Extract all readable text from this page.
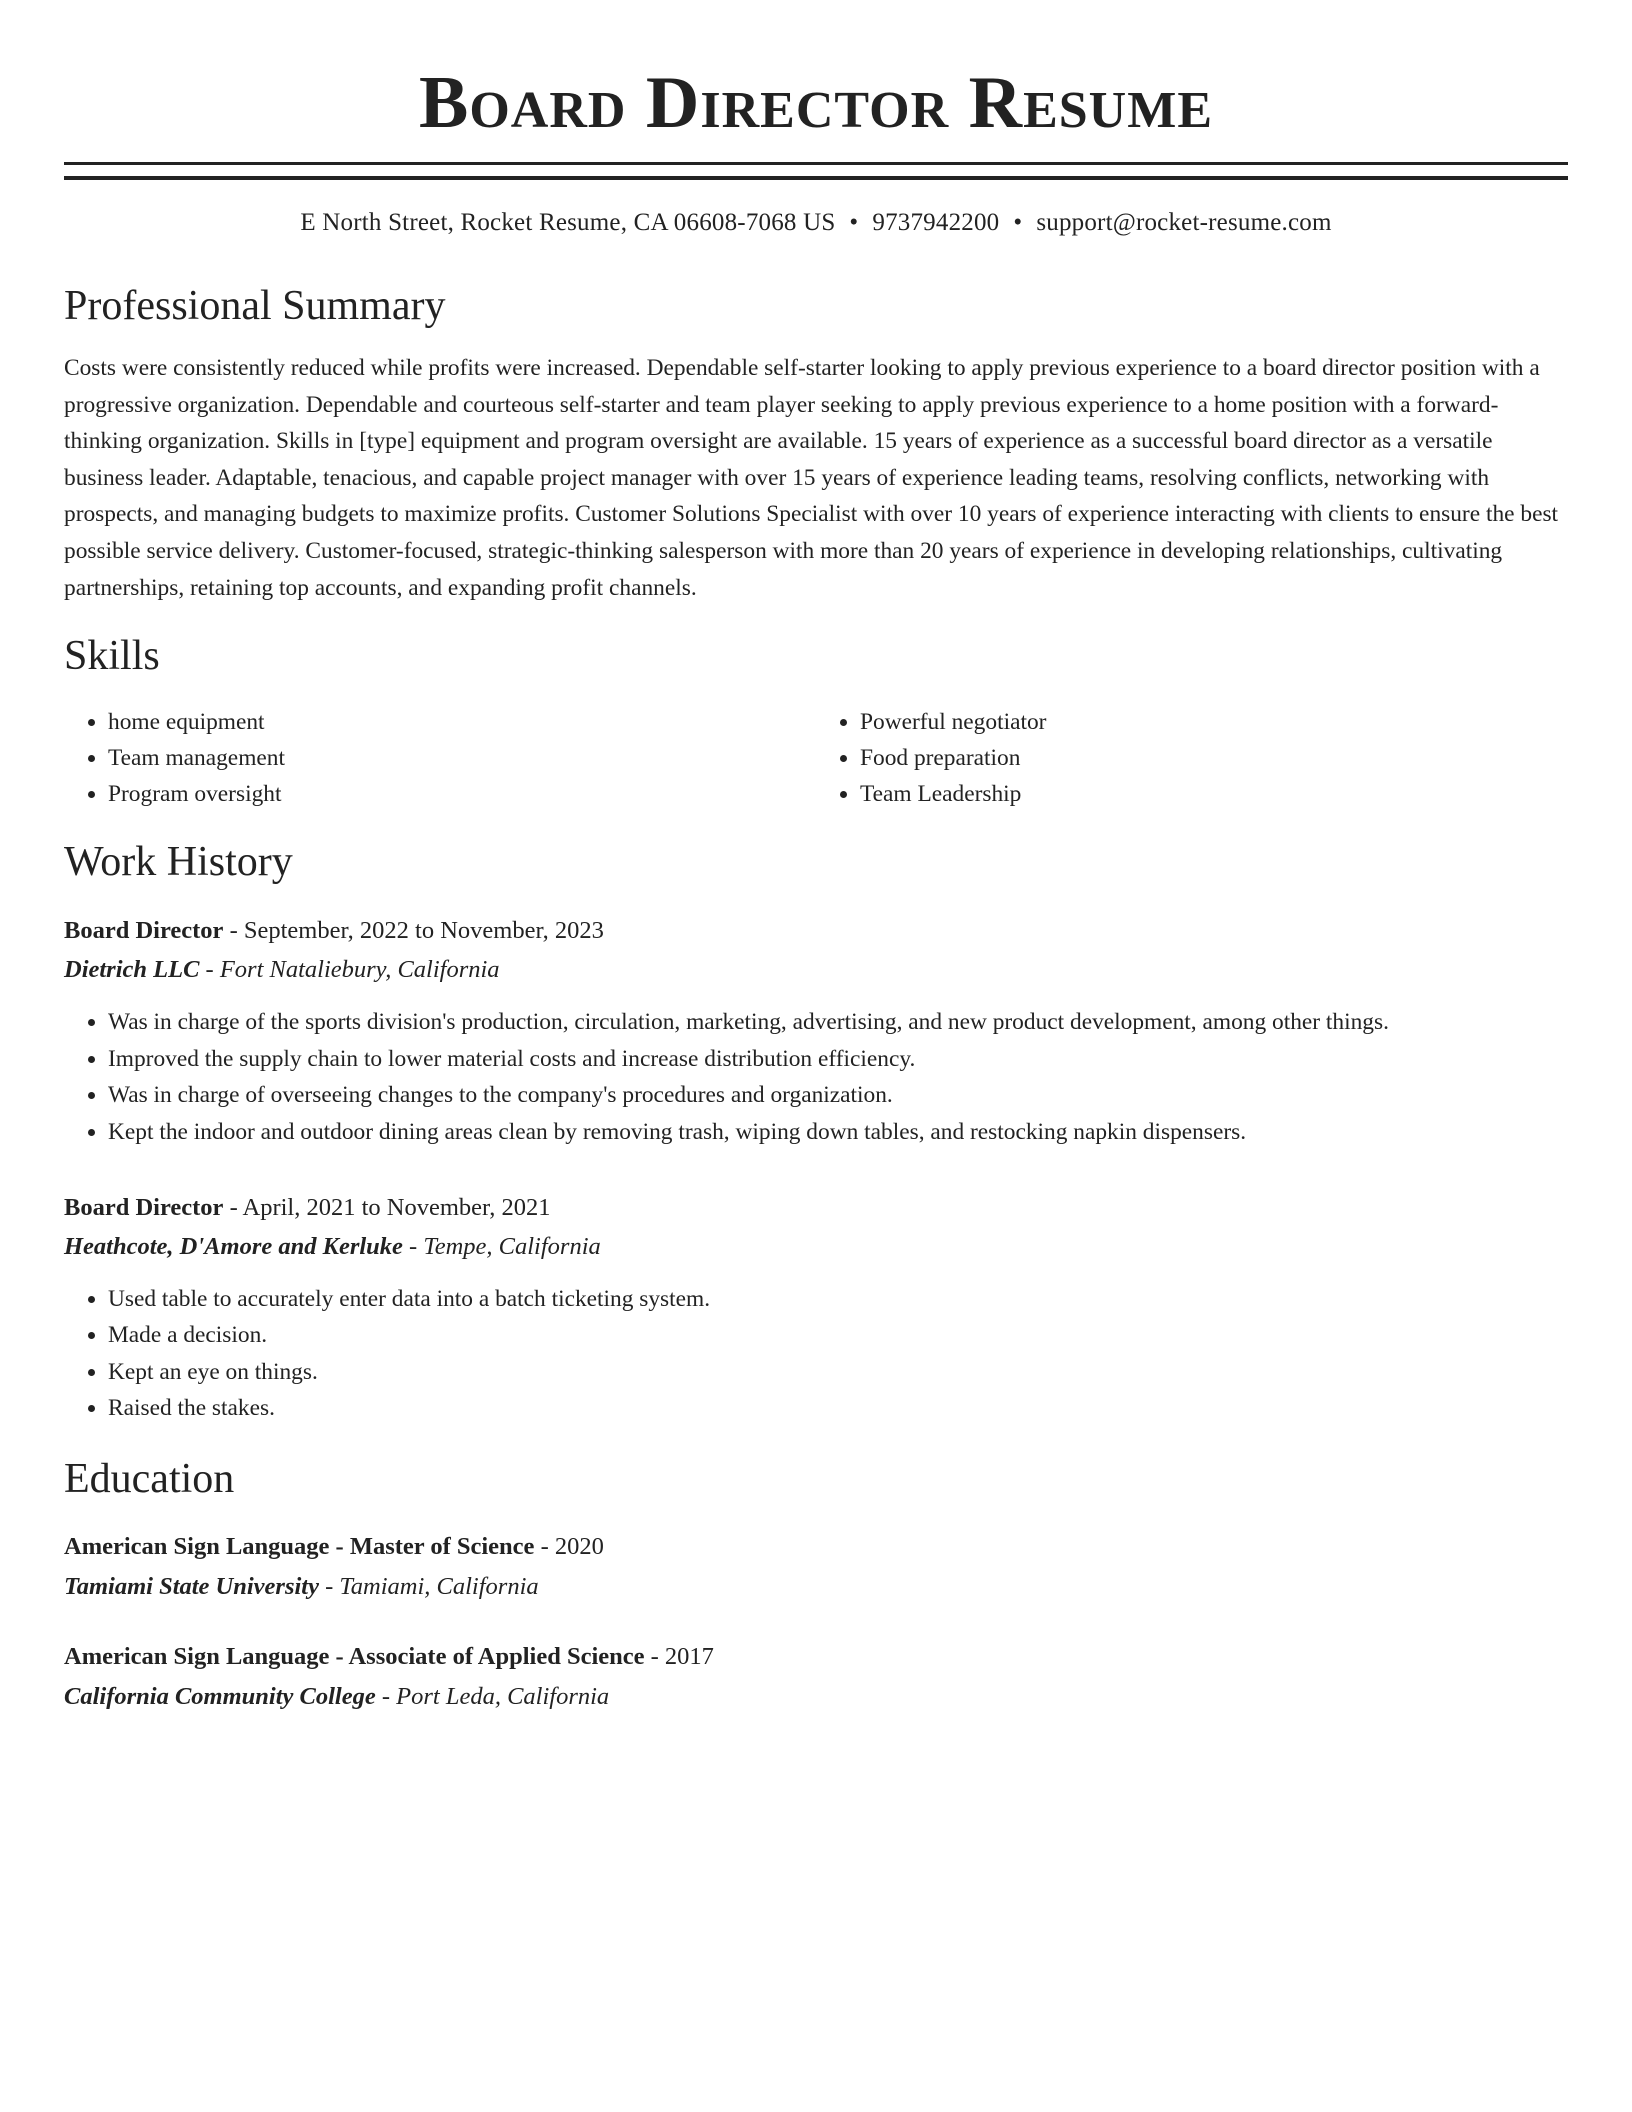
Board Director Resume
E North Street, Rocket Resume, CA 06608-7068 US • 9737942200 • support@rocket-resume.com
Professional Summary

Costs were consistently reduced while profits were increased. Dependable self-starter looking to apply previous experience to a board director position with a progressive organization. Dependable and courteous self-starter and team player seeking to apply previous experience to a home position with a forward-thinking organization. Skills in [type] equipment and program oversight are available. 15 years of experience as a successful board director as a versatile business leader. Adaptable, tenacious, and capable project manager with over 15 years of experience leading teams, resolving conflicts, networking with prospects, and managing budgets to maximize profits. Customer Solutions Specialist with over 10 years of experience interacting with clients to ensure the best possible service delivery. Customer-focused, strategic-thinking salesperson with more than 20 years of experience in developing relationships, cultivating partnerships, retaining top accounts, and expanding profit channels.

Skills
• home equipment
• Team management
• Program oversight
• Powerful negotiator
• Food preparation
• Team Leadership
Work History
Board Director - September, 2022 to November, 2023
Dietrich LLC - Fort Nataliebury, California
• Was in charge of the sports division's production, circulation, marketing, advertising, and new product development, among other things.
• Improved the supply chain to lower material costs and increase distribution efficiency.
• Was in charge of overseeing changes to the company's procedures and organization.
• Kept the indoor and outdoor dining areas clean by removing trash, wiping down tables, and restocking napkin dispensers.
Board Director - April, 2021 to November, 2021
Heathcote, D'Amore and Kerluke - Tempe, California
• Used table to accurately enter data into a batch ticketing system.
• Made a decision.
• Kept an eye on things.
• Raised the stakes.
Education
American Sign Language - Master of Science - 2020
Tamiami State University - Tamiami, California
American Sign Language - Associate of Applied Science - 2017
California Community College - Port Leda, California
